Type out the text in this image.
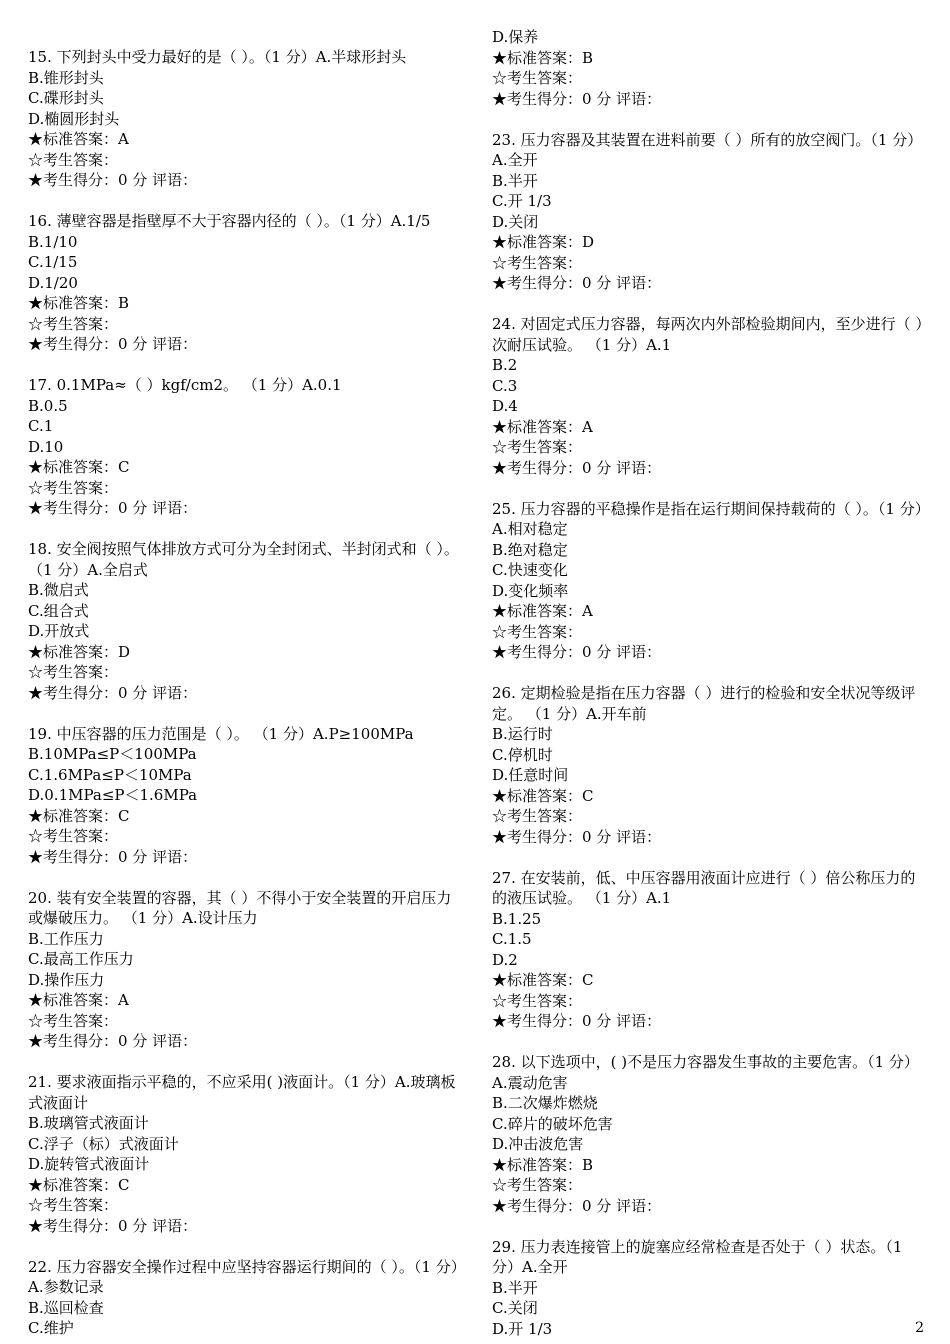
15. 下列封头中受力最好的是（ ）。（1 分）A.半球形封头

B.锥形封头

C.碟形封头

D.椭圆形封头

★标准答案：A

☆考生答案：

★考生得分：0 分 评语：

16. 薄壁容器是指壁厚不大于容器内径的（ ）。（1 分）A.1/5

B.1/10

C.1/15

D.1/20

★标准答案：B

☆考生答案：

★考生得分：0 分 评语：

17. 0.1MPa≈（ ）kgf/cm2。 （1 分）A.0.1

B.0.5

C.1

D.10

★标准答案：C

☆考生答案：

★考生得分：0 分 评语：

18. 安全阀按照气体排放方式可分为全封闭式、半封闭式和（ ）。 （1 分）A.全启式

B.微启式

C.组合式

D.开放式

★标准答案：D

☆考生答案：

★考生得分：0 分 评语：

19. 中压容器的压力范围是（ ）。 （1 分）A.P≥100MPa

B.10MPa≤P＜100MPa

C.1.6MPa≤P＜10MPa

D.0.1MPa≤P＜1.6MPa

★标准答案：C

☆考生答案：

★考生得分：0 分 评语：

20. 装有安全装置的容器，其（ ）不得小于安全装置的开启压力或爆破压力。 （1 分）A.设计压力

B.工作压力

C.最高工作压力

D.操作压力

★标准答案：A

☆考生答案：

★考生得分：0 分 评语：

21. 要求液面指示平稳的，不应采用( )液面计。（1 分）A.玻璃板式液面计

B.玻璃管式液面计

C.浮子（标）式液面计

D.旋转管式液面计

★标准答案：C

☆考生答案：

★考生得分：0 分 评语：

22. 压力容器安全操作过程中应坚持容器运行期间的（ ）。（1 分）A.参数记录

B.巡回检查

C.维护

D.保养

★标准答案：B

☆考生答案：

★考生得分：0 分 评语：

23. 压力容器及其装置在进料前要（ ）所有的放空阀门。（1 分）A.全开

B.半开

C.开 1/3

D.关闭

★标准答案：D

☆考生答案：

★考生得分：0 分 评语：

24. 对固定式压力容器，每两次内外部检验期间内，至少进行（ ）次耐压试验。 （1 分）A.1

B.2

C.3

D.4

★标准答案：A

☆考生答案：

★考生得分：0 分 评语：

25. 压力容器的平稳操作是指在运行期间保持载荷的（ ）。（1 分）A.相对稳定

B.绝对稳定

C.快速变化

D.变化频率

★标准答案：A

☆考生答案：

★考生得分：0 分 评语：

26. 定期检验是指在压力容器（ ）进行的检验和安全状况等级评定。 （1 分）A.开车前

B.运行时

C.停机时

D.任意时间

★标准答案：C

☆考生答案：

★考生得分：0 分 评语：

27. 在安装前，低、中压容器用液面计应进行（ ）倍公称压力的的液压试验。 （1 分）A.1

B.1.25

C.1.5

D.2

★标准答案：C

☆考生答案：

★考生得分：0 分 评语：

28. 以下选项中，( )不是压力容器发生事故的主要危害。（1 分）A.震动危害

B.二次爆炸燃烧

C.碎片的破坏危害

D.冲击波危害

★标准答案：B

☆考生答案：

★考生得分：0 分 评语：

29. 压力表连接管上的旋塞应经常检查是否处于（ ）状态。（1 分）A.全开

B.半开

C.关闭

D.开 1/3	2
